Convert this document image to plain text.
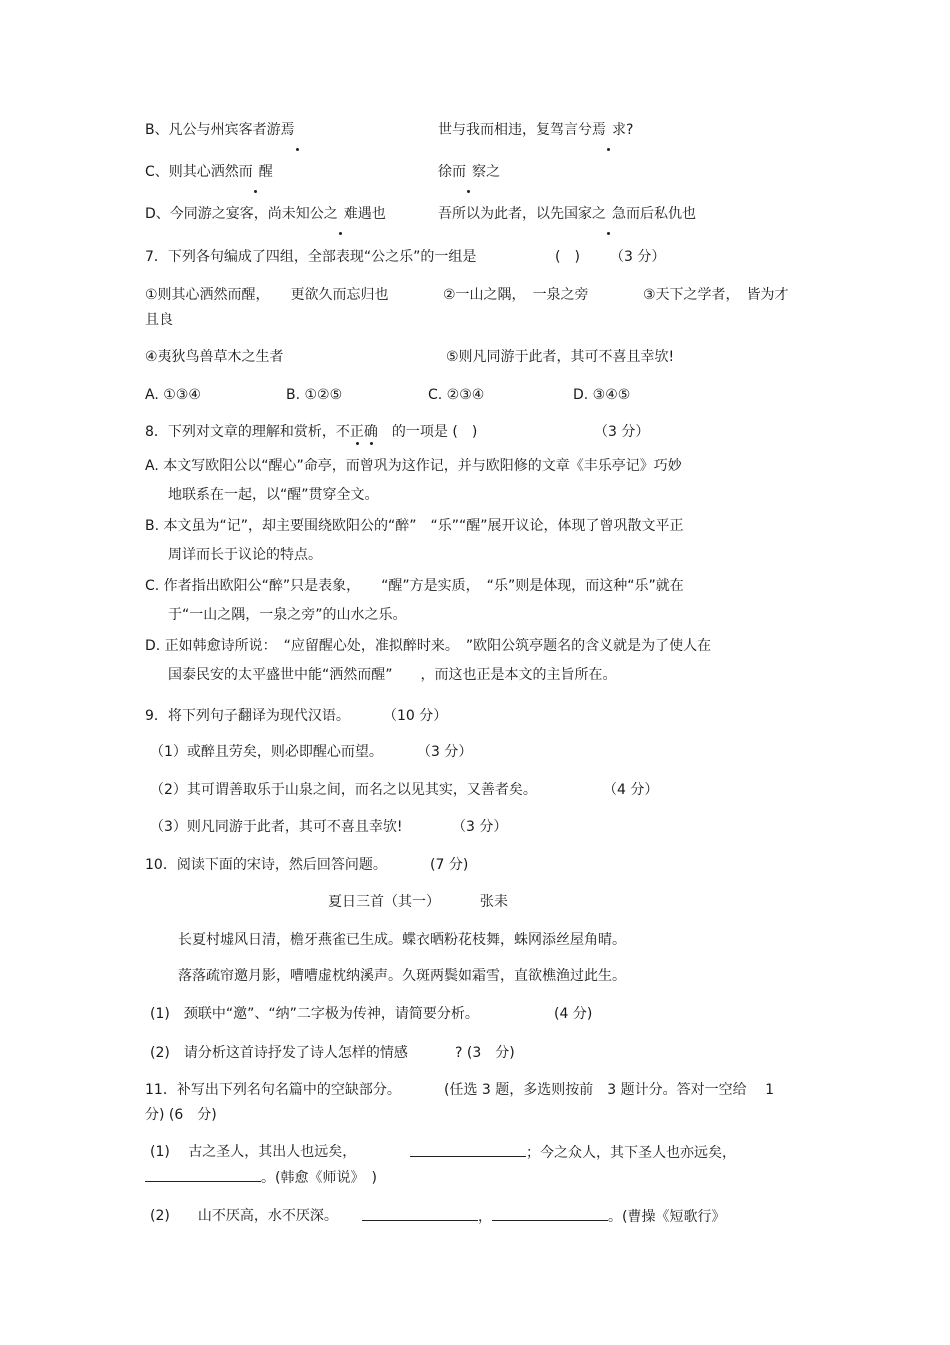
B、凡公与州宾客者游焉	世与我而相违，复驾言兮焉 求?
C、则其心洒然而 醒	徐而 察之
D、今同游之宴客，尚未知公之 难遇也	吾所以为此者，以先国家之 急而后私仇也
7．下列各句编成了四组，全部表现“公之乐”的一组是	(　) （3 分）
①则其心洒然而醒，　　 更欲久而忘归也	②一山之隅，　 一泉之旁	③天下之学者，　 皆为才
且良
④夷狄鸟兽草木之生者	⑤则凡同游于此者，其可不喜且幸欤!
A. ①③④	B. ①②⑤	C. ②③④	D. ③④⑤
8．下列对文章的理解和赏析，不正确　 的一项是 (　)	（3 分）
A. 本文写欧阳公以“醒心”命亭，而曾巩为这作记，并与欧阳修的文章《丰乐亭记》巧妙
地联系在一起，以“醒”贯穿全文。
B. 本文虽为“记”，却主要围绕欧阳公的“醉”　“乐”“醒”展开议论，体现了曾巩散文平正
周详而长于议论的特点。
C. 作者指出欧阳公“醉”只是表象，　　“醒”方是实质，　“乐”则是体现，而这种“乐”就在
于“一山之隅，一泉之旁”的山水之乐。
D. 正如韩愈诗所说：　“应留醒心处，准拟醉时来。　”欧阳公筑亭题名的含义就是为了使人在
国泰民安的太平盛世中能“洒然而醒”　　，而这也正是本文的主旨所在。
9．将下列句子翻译为现代汉语。 （10 分）
（1）或醉且劳矣，则必即醒心而望。 （3 分）
（2）其可谓善取乐于山泉之间，而名之以见其实，又善者矣。	（4 分）
（3）则凡同游于此者，其可不喜且幸欤!	（3 分）
10．阅读下面的宋诗，然后回答问题。	(7 分)
夏日三首（其一）	张耒
长夏村墟风日清，檐牙燕雀已生成。蝶衣晒粉花枝舞，蛛网添丝屋角晴。
落落疏帘邀月影，嘈嘈虚枕纳溪声。久斑两鬓如霜雪，直欲樵渔过此生。
(1)　颈联中“邀”、“纳”二字极为传神，请简要分析。	(4 分)
(2)　请分析这首诗抒发了诗人怎样的情感	? (3　分)
11．补写出下列名句名篇中的空缺部分。	(任选 3 题，多选则按前　3 题计分。答对一空给　 1
分) (6　分)
(1)　 古之圣人，其出人也远矣，	；今之众人，其下圣人也亦远矣，
。(韩愈《师说》　)
(2)　　 山不厌高，水不厌深。	，	。(曹操《短歌行》
